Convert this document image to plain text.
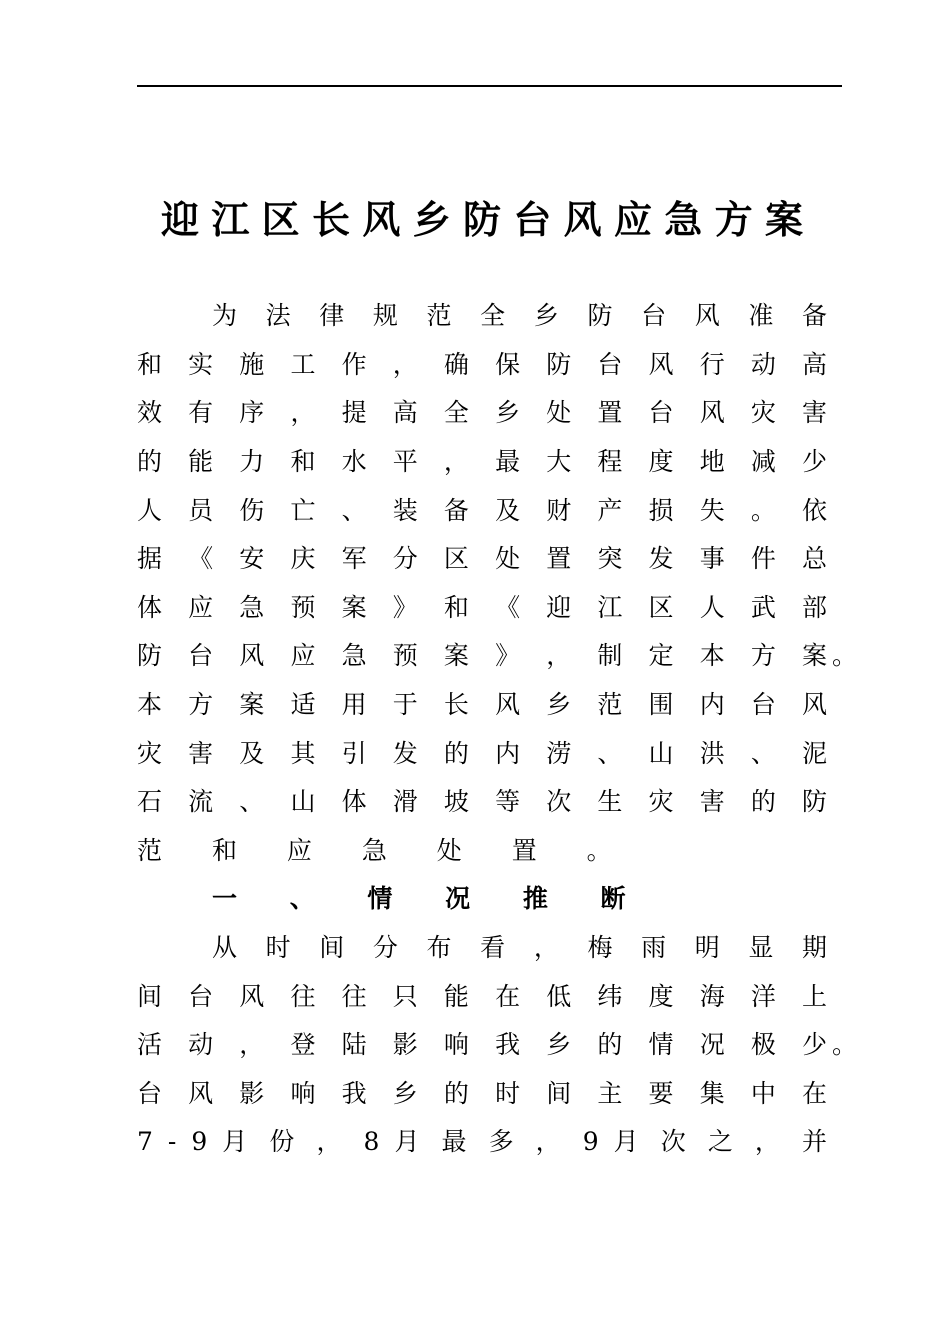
迎 江 区 长 风 乡 防 台 风 应 急 方 案
为 法 律 规 范 全 乡 防 台 风 准 备
和 实 施 工 作 ， 确 保 防 台 风 行 动 高
效 有 序 ， 提 高 全 乡 处 置 台 风 灾 害
的 能 力 和 水 平 ， 最 大 程 度 地 减 少
人 员 伤 亡 、 装 备 及 财 产 损 失 。 依
据 《 安 庆 军 分 区 处 置 突 发 事 件 总
体 应 急 预 案 》 和 《 迎 江 区 人 武 部
防 台 风 应 急 预 案 》 ， 制 定 本 方 案 。
本 方 案 适 用 于 长 风 乡 范 围 内 台 风
灾 害 及 其 引 发 的 内 涝 、 山 洪 、 泥
石 流 、 山 体 滑 坡 等 次 生 灾 害 的 防
范 和 应 急 处 置 。
一 、 情 况 推 断
从 时 间 分 布 看 ， 梅 雨 明 显 期
间 台 风 往 往 只 能 在 低 纬 度 海 洋 上
活 动 ， 登 陆 影 响 我 乡 的 情 况 极 少 。
台 风 影 响 我 乡 的 时 间 主 要 集 中 在
7 - 9 月 份 ， 8 月 最 多 ， 9 月 次 之 ， 并
